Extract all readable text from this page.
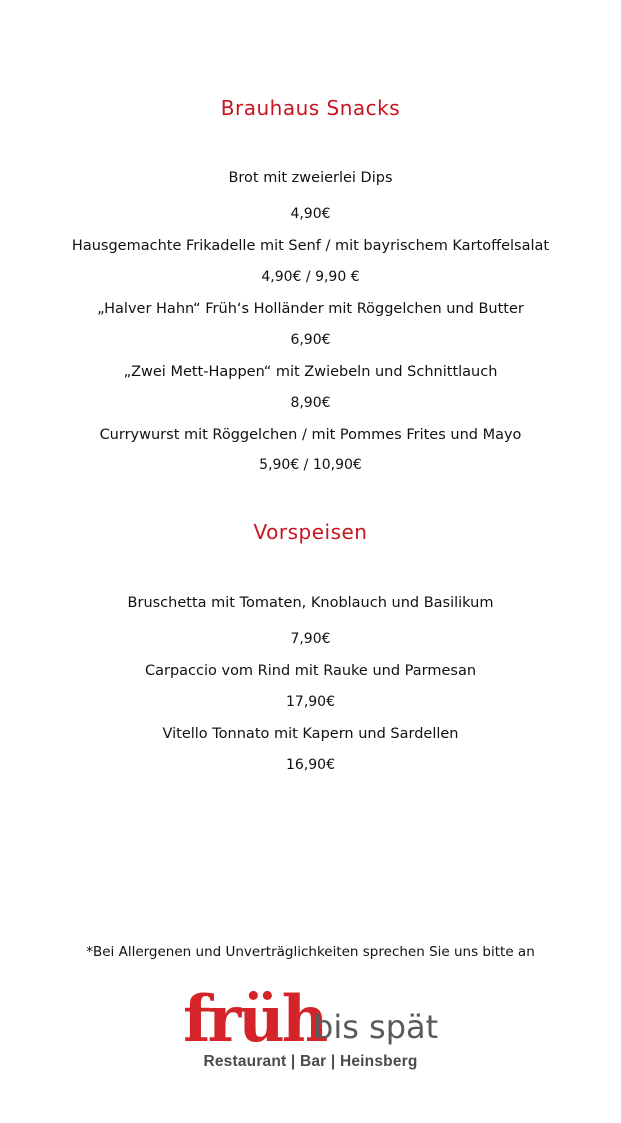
Brauhaus Snacks
Brot mit zweierlei Dips
4,90€
Hausgemachte Frikadelle mit Senf / mit bayrischem Kartoffelsalat
4,90€ / 9,90 €
„Halver Hahn“ Früh‘s Holländer mit Röggelchen und Butter
6,90€
„Zwei Mett-Happen“ mit Zwiebeln und Schnittlauch
8,90€
Currywurst mit Röggelchen / mit Pommes Frites und Mayo
5,90€ / 10,90€
Vorspeisen
Bruschetta mit Tomaten, Knoblauch und Basilikum
7,90€
Carpaccio vom Rind mit Rauke und Parmesan
17,90€
Vitello Tonnato mit Kapern und Sardellen
16,90€
*Bei Allergenen und Unverträglichkeiten sprechen Sie uns bitte an
früh
bis spät
Restaurant | Bar | Heinsberg
